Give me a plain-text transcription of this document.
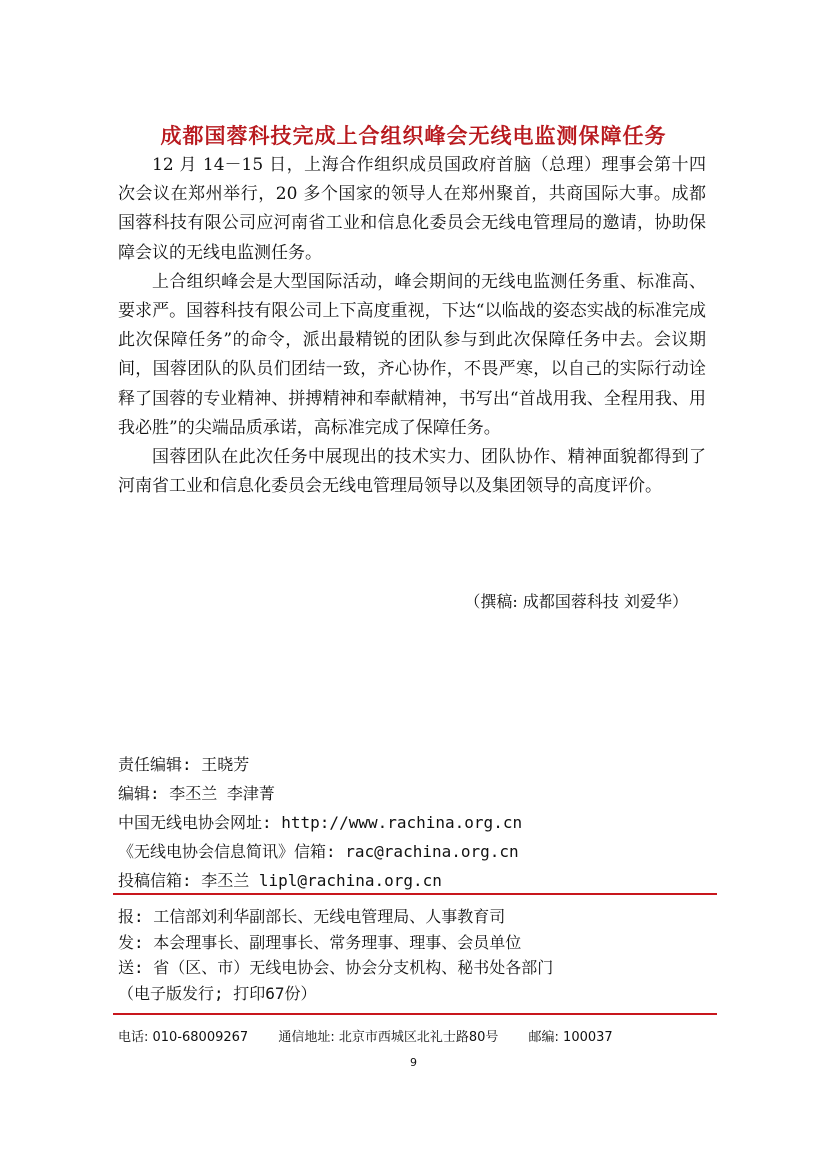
成都国蓉科技完成上合组织峰会无线电监测保障任务

12 月 14－15 日，上海合作组织成员国政府首脑（总理）理事会第十四次会议在郑州举行，20 多个国家的领导人在郑州聚首，共商国际大事。成都国蓉科技有限公司应河南省工业和信息化委员会无线电管理局的邀请，协助保障会议的无线电监测任务。

上合组织峰会是大型国际活动，峰会期间的无线电监测任务重、标准高、要求严。国蓉科技有限公司上下高度重视，下达“以临战的姿态实战的标准完成此次保障任务”的命令，派出最精锐的团队参与到此次保障任务中去。会议期间，国蓉团队的队员们团结一致，齐心协作，不畏严寒，以自己的实际行动诠释了国蓉的专业精神、拼搏精神和奉献精神，书写出“首战用我、全程用我、用我必胜”的尖端品质承诺，高标准完成了保障任务。

国蓉团队在此次任务中展现出的技术实力、团队协作、精神面貌都得到了河南省工业和信息化委员会无线电管理局领导以及集团领导的高度评价。

（撰稿: 成都国蓉科技 刘爱华）
责任编辑: 王晓芳
编辑: 李丕兰 李津菁
中国无线电协会网址: http://www.rachina.org.cn
《无线电协会信息简讯》信箱: rac@rachina.org.cn
投稿信箱: 李丕兰 lipl@rachina.org.cn
报: 工信部刘利华副部长、无线电管理局、人事教育司
发: 本会理事长、副理事长、常务理事、理事、会员单位
送: 省（区、市）无线电协会、协会分支机构、秘书处各部门
（电子版发行; 打印67份）
电话: 010-68009267 通信地址: 北京市西城区北礼士路80号 邮编: 100037
9
